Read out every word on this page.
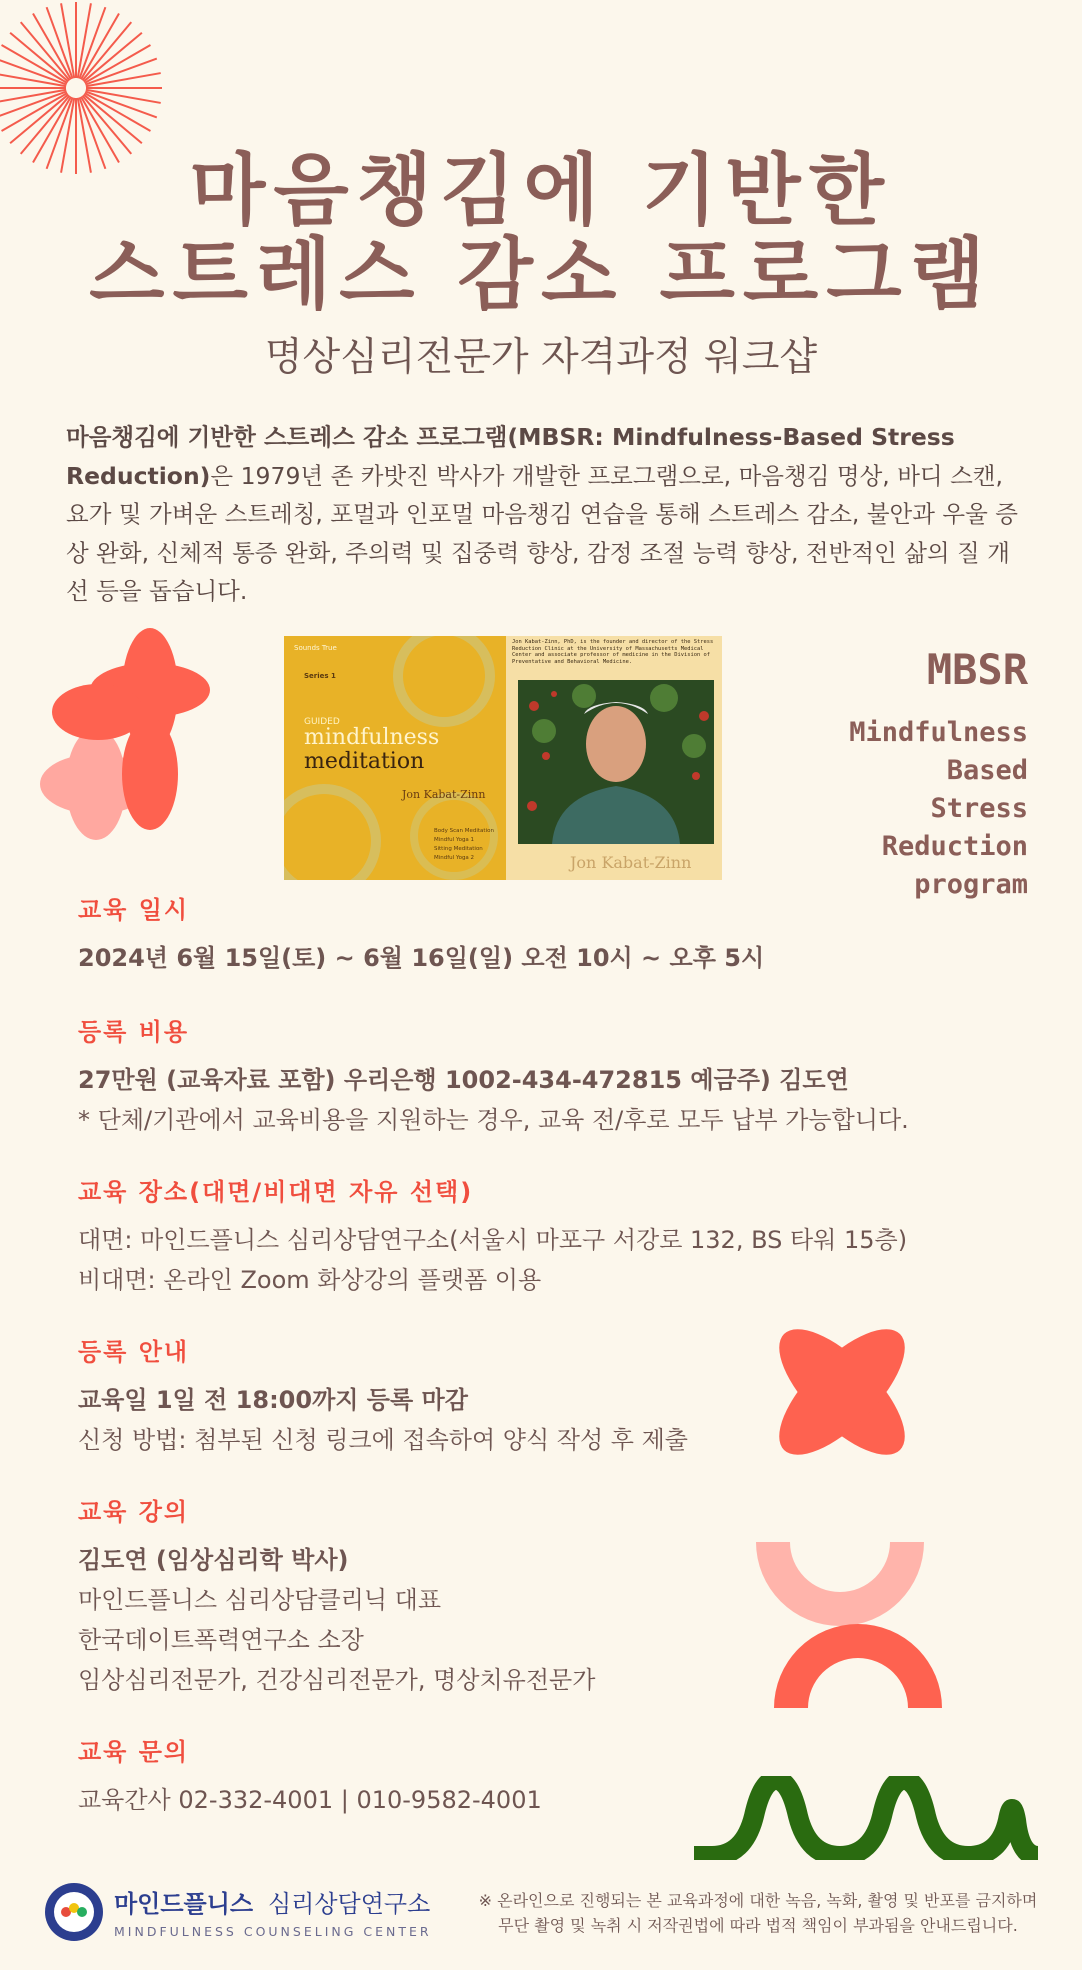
마음챙김에 기반한
스트레스 감소 프로그램
명상심리전문가 자격과정 워크샵
마음챙김에 기반한 스트레스 감소 프로그램(MBSR: Mindfulness-Based Stress Reduction)은 1979년 존 카밧진 박사가 개발한 프로그램으로, 마음챙김 명상, 바디 스캔, 요가 및 가벼운 스트레칭, 포멀과 인포멀 마음챙김 연습을 통해 스트레스 감소, 불안과 우울 증상 완화, 신체적 통증 완화, 주의력 및 집중력 향상, 감정 조절 능력 향상, 전반적인 삶의 질 개선 등을 돕습니다.
Sounds True
Series 1
GUIDED
mindfulness
meditation
Jon Kabat-Zinn
Body Scan Meditation
Mindful Yoga 1
Sitting Meditation
Mindful Yoga 2
Jon Kabat-Zinn, PhD, is the founder and director of the Stress Reduction Clinic at the University of Massachusetts Medical Center and associate professor of medicine in the Division of Preventative and Behavioral Medicine.
Jon Kabat-Zinn
MBSR
Mindfulness
Based
Stress
Reduction
program
교육 일시
2024년 6월 15일(토) ~ 6월 16일(일) 오전 10시 ~ 오후 5시
등록 비용
27만원 (교육자료 포함) 우리은행 1002-434-472815 예금주) 김도연
* 단체/기관에서 교육비용을 지원하는 경우, 교육 전/후로 모두 납부 가능합니다.
교육 장소(대면/비대면 자유 선택)
대면: 마인드플니스 심리상담연구소(서울시 마포구 서강로 132, BS 타워 15층)
비대면: 온라인 Zoom 화상강의 플랫폼 이용
등록 안내
교육일 1일 전 18:00까지 등록 마감
신청 방법: 첨부된 신청 링크에 접속하여 양식 작성 후 제출
교육 강의
김도연 (임상심리학 박사)
마인드플니스 심리상담클리닉 대표
한국데이트폭력연구소 소장
임상심리전문가, 건강심리전문가, 명상치유전문가
교육 문의
교육간사 02-332-4001 | 010-9582-4001
마인드플니스 심리상담연구소
MINDFULNESS COUNSELING CENTER
※ 온라인으로 진행되는 본 교육과정에 대한 녹음, 녹화, 촬영 및 반포를 금지하며
무단 촬영 및 녹취 시 저작권법에 따라 법적 책임이 부과됨을 안내드립니다.
